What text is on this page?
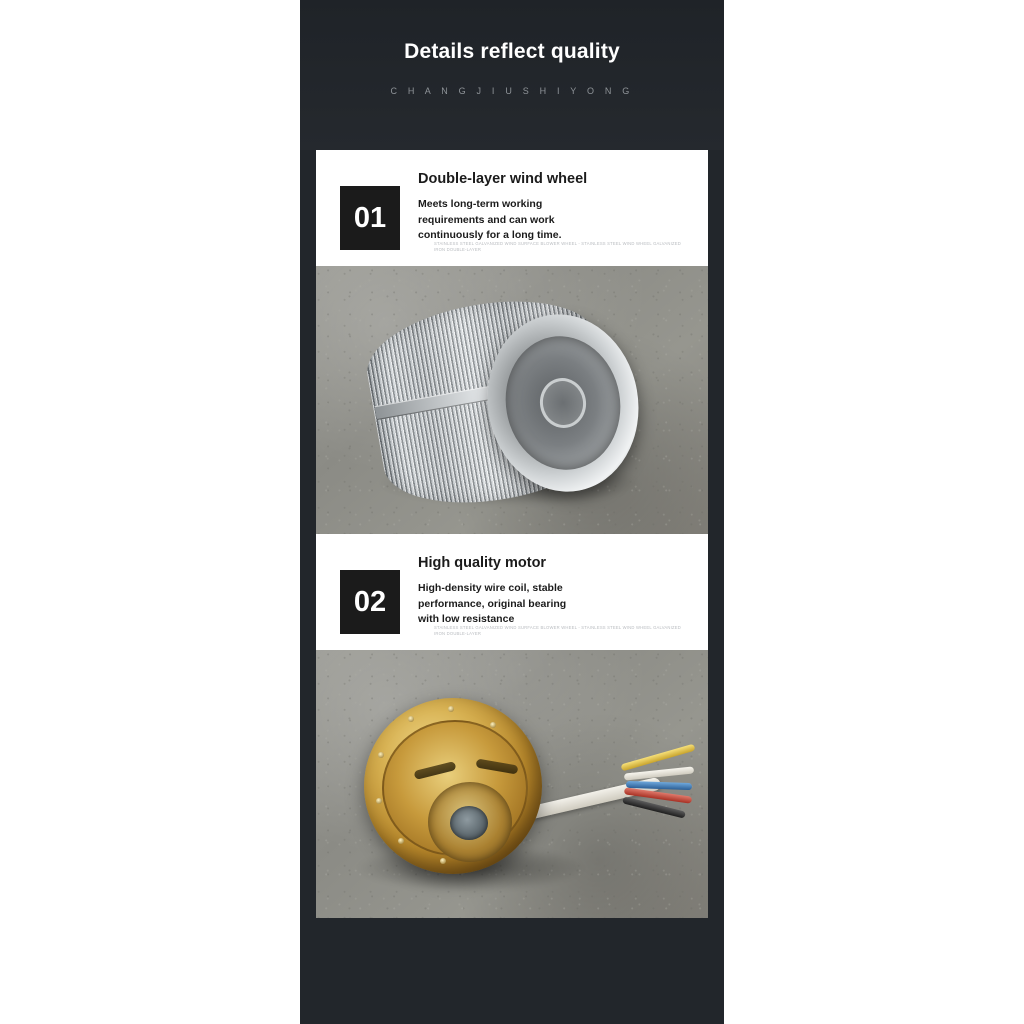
Details reflect quality

C H A N G J I U S H I Y O N G

01
Double-layer wind wheel

Meets long-term working requirements and can work continuously for a long time.

STAINLESS STEEL GALVANIZED WIND SURFACE BLOWER WHEEL - STAINLESS STEEL WIND WHEEL GALVANIZED IRON DOUBLE-LAYER
02
High quality motor

High-density wire coil, stable performance, original bearing with low resistance

STAINLESS STEEL GALVANIZED WIND SURFACE BLOWER WHEEL - STAINLESS STEEL WIND WHEEL GALVANIZED IRON DOUBLE-LAYER
